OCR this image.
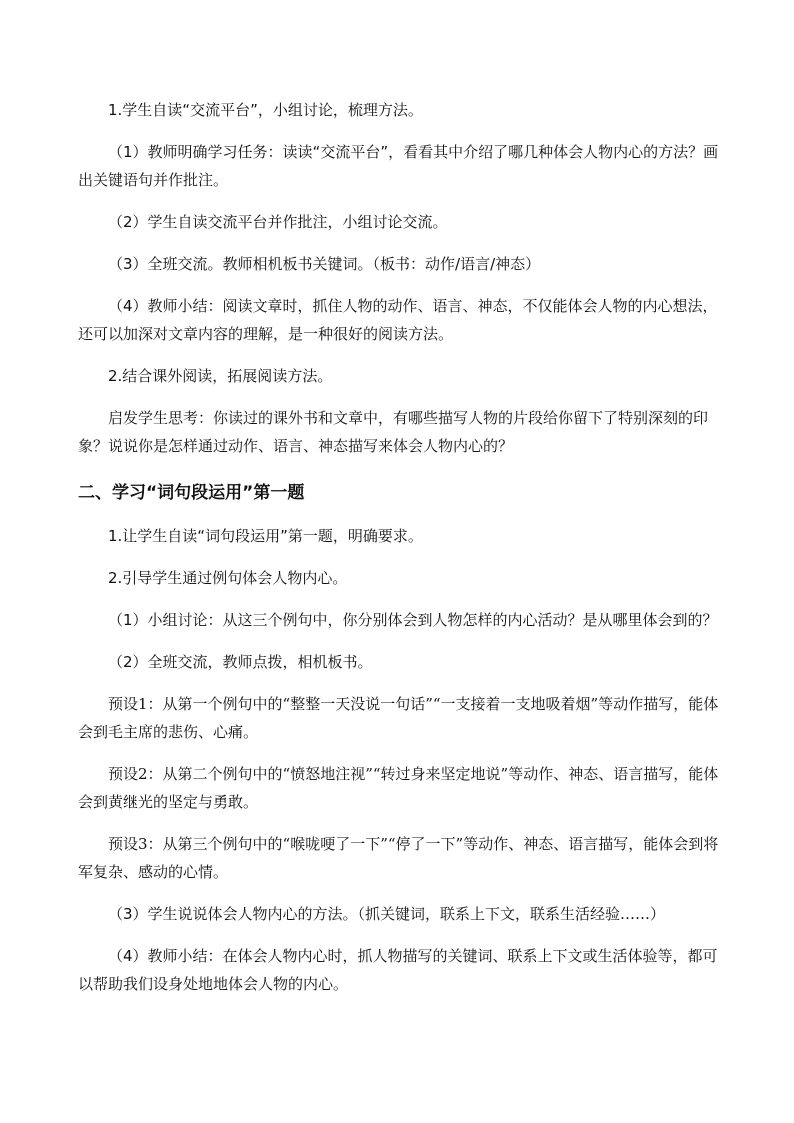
1.学生自读“交流平台”，小组讨论，梳理方法。

（1）教师明确学习任务：读读“交流平台”，看看其中介绍了哪几种体会人物内心的方法？画出关键语句并作批注。

（2）学生自读交流平台并作批注，小组讨论交流。

（3）全班交流。教师相机板书关键词。（板书：动作/语言/神态）

（4）教师小结：阅读文章时，抓住人物的动作、语言、神态，不仅能体会人物的内心想法，还可以加深对文章内容的理解，是一种很好的阅读方法。

2.结合课外阅读，拓展阅读方法。

启发学生思考：你读过的课外书和文章中，有哪些描写人物的片段给你留下了特别深刻的印象？说说你是怎样通过动作、语言、神态描写来体会人物内心的？

二、学习“词句段运用”第一题

1.让学生自读“词句段运用”第一题，明确要求。

2.引导学生通过例句体会人物内心。

（1）小组讨论：从这三个例句中，你分别体会到人物怎样的内心活动？是从哪里体会到的？

（2）全班交流，教师点拨，相机板书。

预设1：从第一个例句中的“整整一天没说一句话”“一支接着一支地吸着烟”等动作描写，能体会到毛主席的悲伤、心痛。

预设2：从第二个例句中的“愤怒地注视”“转过身来坚定地说”等动作、神态、语言描写，能体会到黄继光的坚定与勇敢。

预设3：从第三个例句中的“喉咙哽了一下”“停了一下”等动作、神态、语言描写，能体会到将军复杂、感动的心情。

（3）学生说说体会人物内心的方法。（抓关键词，联系上下文，联系生活经验……）

（4）教师小结：在体会人物内心时，抓人物描写的关键词、联系上下文或生活体验等，都可以帮助我们设身处地地体会人物的内心。
